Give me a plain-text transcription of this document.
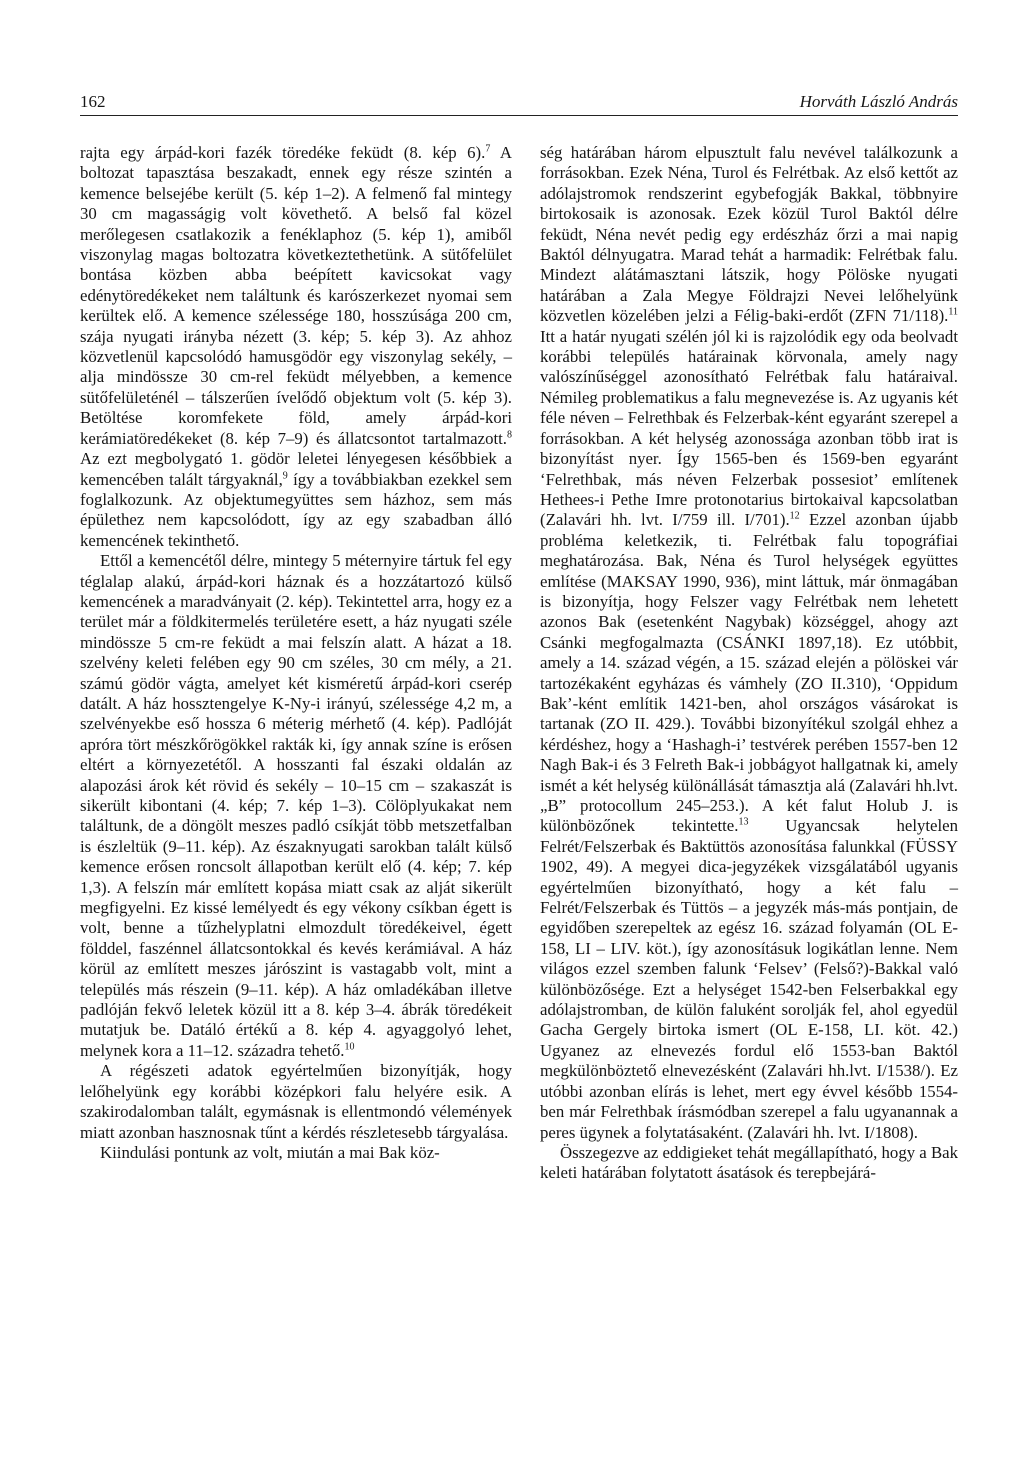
162	Horváth László András

rajta egy árpád-kori fazék töredéke feküdt (8. kép 6).$^7$ A boltozat tapasztása beszakadt, ennek egy része szintén a kemence belsejébe került (5. kép 1–2). A felmenő fal mintegy 30 cm magasságig volt követhető. A belső fal közel merőlegesen csatlakozik a fenéklaphoz (5. kép 1), amiből viszonylag magas boltozatra következtethetünk. A sütőfelület bontása közben abba beépített kavicsokat vagy edénytöredékeket nem találtunk és karószerkezet nyomai sem kerültek elő. A kemence szélessége 180, hosszúsága 200 cm, szája nyugati irányba nézett (3. kép; 5. kép 3). Az ahhoz közvetlenül kapcsolódó hamusgödör egy viszonylag sekély, – alja mindössze 30 cm-rel feküdt mélyebben, a kemence sütőfelületénél – tálszerűen ívelődő objektum volt (5. kép 3). Betöltése koromfekete föld, amely árpád-kori kerámiatöredékeket (8. kép 7–9) és állatcsontot tartalmazott.$^8$ Az ezt megbolygató 1. gödör leletei lényegesen későbbiek a kemencében talált tárgyaknál,$^9$ így a továbbiakban ezekkel sem foglalkozunk. Az objektumegyüttes sem házhoz, sem más épülethez nem kapcsolódott, így az egy szabadban álló kemencének tekinthető.

Ettől a kemencétől délre, mintegy 5 méternyire tártuk fel egy téglalap alakú, árpád-kori háznak és a hozzátartozó külső kemencének a maradványait (2. kép). Tekintettel arra, hogy ez a terület már a földkitermelés területére esett, a ház nyugati széle mindössze 5 cm-re feküdt a mai felszín alatt. A házat a 18. szelvény keleti felében egy 90 cm széles, 30 cm mély, a 21. számú gödör vágta, amelyet két kisméretű árpád-kori cserép datált. A ház hossztengelye K-Ny-i irányú, szélessége 4,2 m, a szelvényekbe eső hossza 6 méterig mérhető (4. kép). Padlóját apróra tört mészkőrögökkel rakták ki, így annak színe is erősen eltért a környezetétől. A hosszanti fal északi oldalán az alapozási árok két rövid és sekély – 10–15 cm – szakaszát is sikerült kibontani (4. kép; 7. kép 1–3). Cölöplyukakat nem találtunk, de a döngölt meszes padló csíkját több metszetfalban is észleltük (9–11. kép). Az északnyugati sarokban talált külső kemence erősen roncsolt állapotban került elő (4. kép; 7. kép 1,3). A felszín már említett kopása miatt csak az alját sikerült megfigyelni. Ez kissé lemélyedt és egy vékony csíkban égett is volt, benne a tűzhelyplatni elmozdult töredékeivel, égett földdel, faszénnel állatcsontokkal és kevés kerámiával. A ház körül az említett meszes járószint is vastagabb volt, mint a település más részein (9–11. kép). A ház omladékában illetve padlóján fekvő leletek közül itt a 8. kép 3–4. ábrák töredékeit mutatjuk be. Datáló értékű a 8. kép 4. agyaggolyó lehet, melynek kora a 11–12. századra tehető.$^{10}$

A régészeti adatok egyértelműen bizonyítják, hogy lelőhelyünk egy korábbi középkori falu helyére esik. A szakirodalomban talált, egymásnak is ellentmondó vélemények miatt azonban hasznosnak tűnt a kérdés részletesebb tárgyalása.

Kiindulási pontunk az volt, miután a mai Bak köz-

ség határában három elpusztult falu nevével találkozunk a forrásokban. Ezek Néna, Turol és Felrétbak. Az első kettőt az adólajstromok rendszerint egybefogják Bakkal, többnyire birtokosaik is azonosak. Ezek közül Turol Baktól délre feküdt, Néna nevét pedig egy erdészház őrzi a mai napig Baktól délnyugatra. Marad tehát a harmadik: Felrétbak falu. Mindezt alátámasztani látszik, hogy Pölöske nyugati határában a Zala Megye Földrajzi Nevei lelőhelyünk közvetlen közelében jelzi a Félig-baki-erdőt (ZFN 71/118).$^{11}$ Itt a határ nyugati szélén jól ki is rajzolódik egy oda beolvadt korábbi település határainak körvonala, amely nagy valószínűséggel azonosítható Felrétbak falu határaival. Némileg problematikus a falu megnevezése is. Az ugyanis két féle néven – Felrethbak és Felzerbak-ként egyaránt szerepel a forrásokban. A két helység azonossága azonban több irat is bizonyítást nyer. Így 1565-ben és 1569-ben egyaránt ‘Felrethbak, más néven Felzerbak possesiot’ említenek Hethees-i Pethe Imre protonotarius birtokaival kapcsolatban (Zalavári hh. lvt. I/759 ill. I/701).$^{12}$ Ezzel azonban újabb probléma keletkezik, ti. Felrétbak falu topográfiai meghatározása. Bak, Néna és Turol helységek együttes említése (MAKSAY 1990, 936), mint láttuk, már önmagában is bizonyítja, hogy Felszer vagy Felrétbak nem lehetett azonos Bak (esetenként Nagybak) községgel, ahogy azt Csánki megfogalmazta (CSÁNKI 1897,18). Ez utóbbit, amely a 14. század végén, a 15. század elején a pölöskei vár tartozékaként egyházas és vámhely (ZO II.310), ‘Oppidum Bak’-ként említik 1421-ben, ahol országos vásárokat is tartanak (ZO II. 429.). További bizonyítékul szolgál ehhez a kérdéshez, hogy a ‘Hashagh-i’ testvérek perében 1557-ben 12 Nagh Bak-i és 3 Felreth Bak-i jobbágyot hallgatnak ki, amely ismét a két helység különállását támasztja alá (Zalavári hh.lvt. „B” protocollum 245–253.). A két falut Holub J. is különbözőnek tekintette.$^{13}$ Ugyancsak helytelen Felrét/Felszerbak és Baktüttös azonosítása falunkkal (FÜSSY 1902, 49). A megyei dica-jegyzékek vizsgálatából ugyanis egyértelműen bizonyítható, hogy a két falu – Felrét/Felszerbak és Tüttös – a jegyzék más-más pontjain, de egyidőben szerepeltek az egész 16. század folyamán (OL E-158, LI – LIV. köt.), így azonosításuk logikátlan lenne. Nem világos ezzel szemben falunk ‘Felsev’ (Felső?)-Bakkal való különbözősége. Ezt a helységet 1542-ben Felserbakkal egy adólajstromban, de külön faluként sorolják fel, ahol egyedül Gacha Gergely birtoka ismert (OL E-158, LI. köt. 42.) Ugyanez az elnevezés fordul elő 1553-ban Baktól megkülönböztető elnevezésként (Zalavári hh.lvt. I/1538/). Ez utóbbi azonban elírás is lehet, mert egy évvel később 1554-ben már Felrethbak írásmódban szerepel a falu ugyanannak a peres ügynek a folytatásaként. (Zalavári hh. lvt. I/1808).

Összegezve az eddigieket tehát megállapítható, hogy a Bak keleti határában folytatott ásatások és terepbejárá-
